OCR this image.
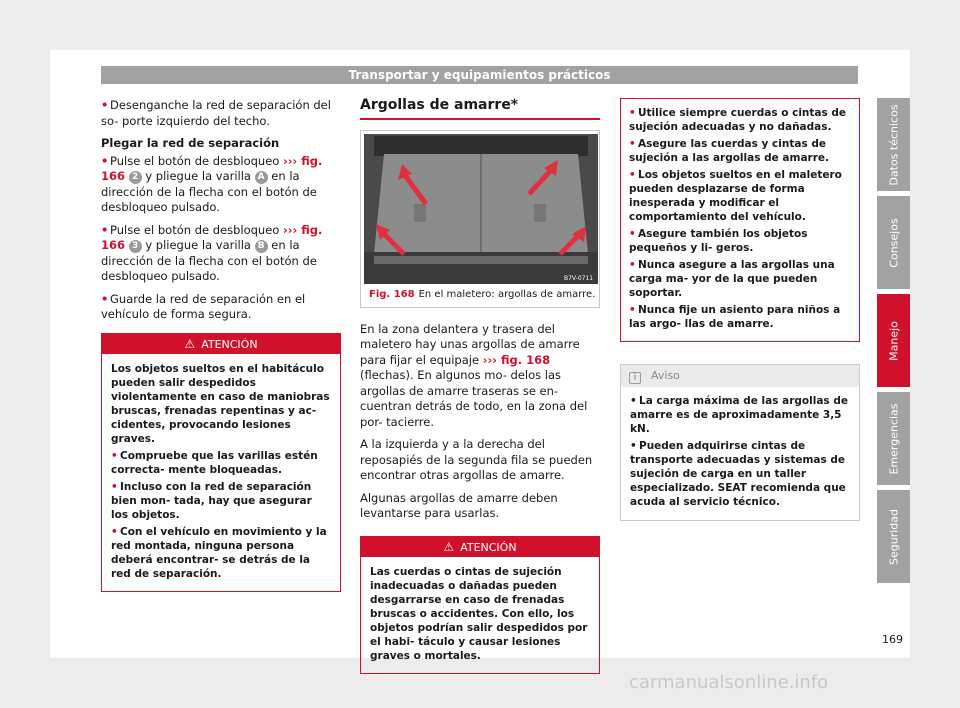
Transportar y equipamientos prácticos

• Desenganche la red de separación del so- porte izquierdo del techo.

Plegar la red de separación

• Pulse el botón de desbloqueo ››› fig. 166 2 y pliegue la varilla A en la dirección de la flecha con el botón de desbloqueo pulsado.

• Pulse el botón de desbloqueo ››› fig. 166 3 y pliegue la varilla B en la dirección de la flecha con el botón de desbloqueo pulsado.

• Guarde la red de separación en el vehículo de forma segura.

⚠ ATENCIÓN

Los objetos sueltos en el habitáculo pueden salir despedidos violentamente en caso de maniobras bruscas, frenadas repentinas y ac- cidentes, provocando lesiones graves.

• Compruebe que las varillas estén correcta- mente bloqueadas.

• Incluso con la red de separación bien mon- tada, hay que asegurar los objetos.

• Con el vehículo en movimiento y la red montada, ninguna persona deberá encontrar- se detrás de la red de separación.

Argollas de amarre*
B7V-0711
Fig. 168 En el maletero: argollas de amarre.

En la zona delantera y trasera del maletero hay unas argollas de amarre para fijar el equipaje ››› fig. 168 (flechas). En algunos mo- delos las argollas de amarre traseras se en- cuentran detrás de todo, en la zona del por- tacierre.

A la izquierda y a la derecha del reposapiés de la segunda fila se pueden encontrar otras argollas de amarre.

Algunas argollas de amarre deben levantarse para usarlas.

⚠ ATENCIÓN

Las cuerdas o cintas de sujeción inadecuadas o dañadas pueden desgarrarse en caso de frenadas bruscas o accidentes. Con ello, los objetos podrían salir despedidos por el habi- táculo y causar lesiones graves o mortales.

• Utilice siempre cuerdas o cintas de sujeción adecuadas y no dañadas.

• Asegure las cuerdas y cintas de sujeción a las argollas de amarre.

• Los objetos sueltos en el maletero pueden desplazarse de forma inesperada y modificar el comportamiento del vehículo.

• Asegure también los objetos pequeños y li- geros.

• Nunca asegure a las argollas una carga ma- yor de la que pueden soportar.

• Nunca fije un asiento para niños a las argo- llas de amarre.

i Aviso

• La carga máxima de las argollas de amarre es de aproximadamente 3,5 kN.

• Pueden adquirirse cintas de transporte adecuadas y sistemas de sujeción de carga en un taller especializado. SEAT recomienda que acuda al servicio técnico.

Datos técnicos
Consejos
Manejo
Emergencias
Seguridad
169
carmanualsonline.info
